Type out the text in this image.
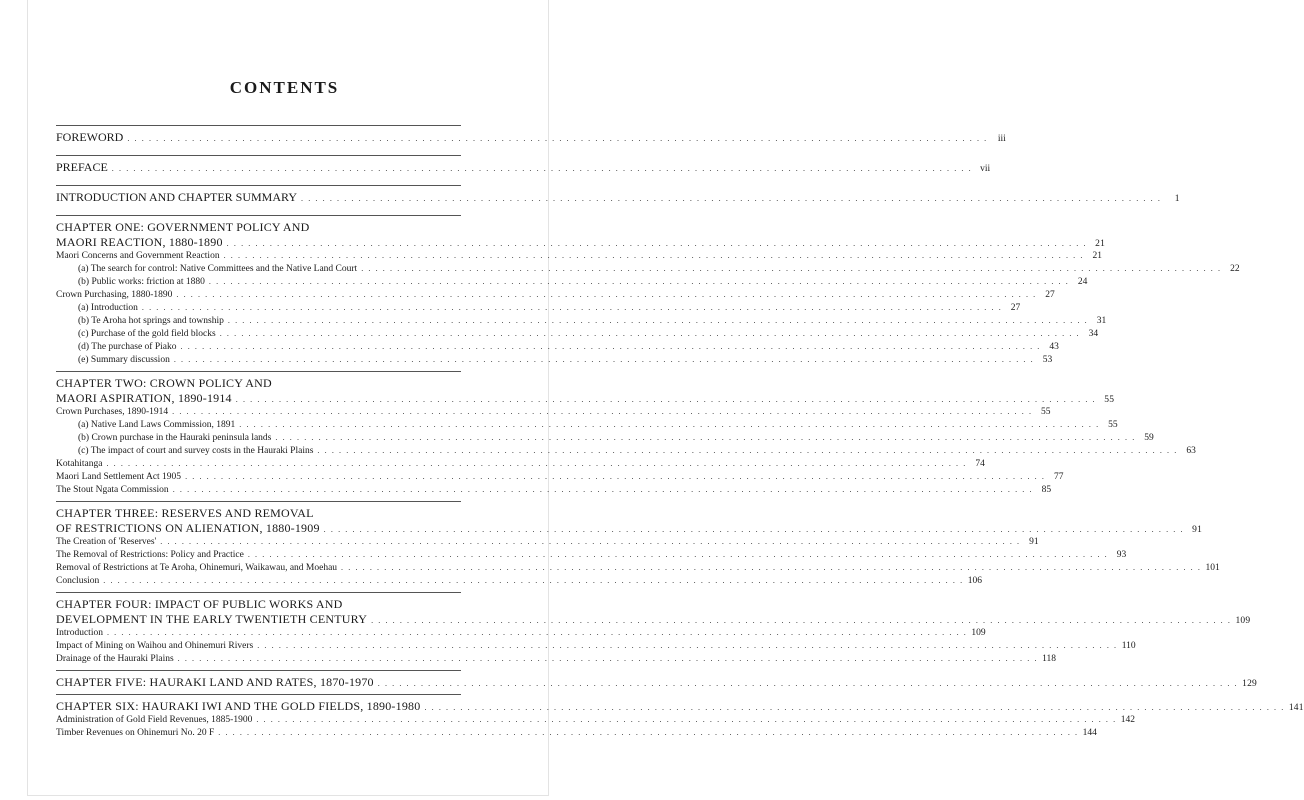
CONTENTS
FOREWORD . . . . . . . . . . . . . . . . . . . . . . . . . . . . . . . . . . . . . . . . . . . . . . . . . . . . . . . . . . . . . . . . . . . . . . . . . . . . . . . . . . . . . . . . . . . . . . . . . . . . . . . . . . . . . . . . . . . . . . . .	iii
PREFACE . . . . . . . . . . . . . . . . . . . . . . . . . . . . . . . . . . . . . . . . . . . . . . . . . . . . . . . . . . . . . . . . . . . . . . . . . . . . . . . . . . . . . . . . . . . . . . . . . . . . . . . . . . . . . . . . . . . . . . . . vii
INTRODUCTION AND CHAPTER SUMMARY . . . . . . . . . . . . . . . . . . . . . . . . . . . . . . . . . . . . . . . . . . . . . . . . . . . . . . . . . . . . . . . . . . . . . . . . . . . . . . . . . . . . . . . . . . . . . . . . . . . . . . . . . . . . . . . . . . . . . . . .	1
CHAPTER ONE: GOVERNMENT POLICY AND
MAORI REACTION, 1880-1890 . . . . . . . . . . . . . . . . . . . . . . . . . . . . . . . . . . . . . . . . . . . . . . . . . . . . . . . . . . . . . . . . . . . . . . . . . . . . . . . . . . . . . . . . . . . . . . . . . . . . . . . . . . . . . . . . . . . . . . . . 21
Maori Concerns and Government Reaction . . . . . . . . . . . . . . . . . . . . . . . . . . . . . . . . . . . . . . . . . . . . . . . . . . . . . . . . . . . . . . . . . . . . . . . . . . . . . . . . . . . . . . . . . . . . . . . . . . . . . . . . . . . . . . . . . . . . . . . . 21
(a) The search for control: Native Committees and the Native Land Court . . . . . . . . . . . . . . . . . . . . . . . . . . . . . . . . . . . . . . . . . . . . . . . . . . . . . . . . . . . . . . . . . . . . . . . . . . . . . . . . . . . . . . . . . . . . . . . . . . . . . . . . . . . . . . . . . . . . . . . . 22
(b) Public works: friction at 1880 . . . . . . . . . . . . . . . . . . . . . . . . . . . . . . . . . . . . . . . . . . . . . . . . . . . . . . . . . . . . . . . . . . . . . . . . . . . . . . . . . . . . . . . . . . . . . . . . . . . . . . . . . . . . . . . . . . . . . . . . 24
Crown Purchasing, 1880-1890 . . . . . . . . . . . . . . . . . . . . . . . . . . . . . . . . . . . . . . . . . . . . . . . . . . . . . . . . . . . . . . . . . . . . . . . . . . . . . . . . . . . . . . . . . . . . . . . . . . . . . . . . . . . . . . . . . . . . . . . . 27
(a) Introduction . . . . . . . . . . . . . . . . . . . . . . . . . . . . . . . . . . . . . . . . . . . . . . . . . . . . . . . . . . . . . . . . . . . . . . . . . . . . . . . . . . . . . . . . . . . . . . . . . . . . . . . . . . . . . . . . . . . . . . . . 27
(b) Te Aroha hot springs and township . . . . . . . . . . . . . . . . . . . . . . . . . . . . . . . . . . . . . . . . . . . . . . . . . . . . . . . . . . . . . . . . . . . . . . . . . . . . . . . . . . . . . . . . . . . . . . . . . . . . . . . . . . . . . . . . . . . . . . . . 31
(c) Purchase of the gold field blocks . . . . . . . . . . . . . . . . . . . . . . . . . . . . . . . . . . . . . . . . . . . . . . . . . . . . . . . . . . . . . . . . . . . . . . . . . . . . . . . . . . . . . . . . . . . . . . . . . . . . . . . . . . . . . . . . . . . . . . . . 34
(d) The purchase of Piako . . . . . . . . . . . . . . . . . . . . . . . . . . . . . . . . . . . . . . . . . . . . . . . . . . . . . . . . . . . . . . . . . . . . . . . . . . . . . . . . . . . . . . . . . . . . . . . . . . . . . . . . . . . . . . . . . . . . . . . . 43
(e) Summary discussion . . . . . . . . . . . . . . . . . . . . . . . . . . . . . . . . . . . . . . . . . . . . . . . . . . . . . . . . . . . . . . . . . . . . . . . . . . . . . . . . . . . . . . . . . . . . . . . . . . . . . . . . . . . . . . . . . . . . . . . . 53
CHAPTER TWO: CROWN POLICY AND
MAORI ASPIRATION, 1890-1914 . . . . . . . . . . . . . . . . . . . . . . . . . . . . . . . . . . . . . . . . . . . . . . . . . . . . . . . . . . . . . . . . . . . . . . . . . . . . . . . . . . . . . . . . . . . . . . . . . . . . . . . . . . . . . . . . . . . . . . . . 55
Crown Purchases, 1890-1914 . . . . . . . . . . . . . . . . . . . . . . . . . . . . . . . . . . . . . . . . . . . . . . . . . . . . . . . . . . . . . . . . . . . . . . . . . . . . . . . . . . . . . . . . . . . . . . . . . . . . . . . . . . . . . . . . . . . . . . . . 55
(a) Native Land Laws Commission, 1891 . . . . . . . . . . . . . . . . . . . . . . . . . . . . . . . . . . . . . . . . . . . . . . . . . . . . . . . . . . . . . . . . . . . . . . . . . . . . . . . . . . . . . . . . . . . . . . . . . . . . . . . . . . . . . . . . . . . . . . . . 55
(b) Crown purchase in the Hauraki peninsula lands . . . . . . . . . . . . . . . . . . . . . . . . . . . . . . . . . . . . . . . . . . . . . . . . . . . . . . . . . . . . . . . . . . . . . . . . . . . . . . . . . . . . . . . . . . . . . . . . . . . . . . . . . . . . . . . . . . . . . . . . 59
(c) The impact of court and survey costs in the Hauraki Plains . . . . . . . . . . . . . . . . . . . . . . . . . . . . . . . . . . . . . . . . . . . . . . . . . . . . . . . . . . . . . . . . . . . . . . . . . . . . . . . . . . . . . . . . . . . . . . . . . . . . . . . . . . . . . . . . . . . . . . . . 63
Kotahitanga . . . . . . . . . . . . . . . . . . . . . . . . . . . . . . . . . . . . . . . . . . . . . . . . . . . . . . . . . . . . . . . . . . . . . . . . . . . . . . . . . . . . . . . . . . . . . . . . . . . . . . . . . . . . . . . . . . . . . . . . 74
Maori Land Settlement Act 1905 . . . . . . . . . . . . . . . . . . . . . . . . . . . . . . . . . . . . . . . . . . . . . . . . . . . . . . . . . . . . . . . . . . . . . . . . . . . . . . . . . . . . . . . . . . . . . . . . . . . . . . . . . . . . . . . . . . . . . . . . 77
The Stout Ngata Commission . . . . . . . . . . . . . . . . . . . . . . . . . . . . . . . . . . . . . . . . . . . . . . . . . . . . . . . . . . . . . . . . . . . . . . . . . . . . . . . . . . . . . . . . . . . . . . . . . . . . . . . . . . . . . . . . . . . . . . . . 85
CHAPTER THREE: RESERVES AND REMOVAL
OF RESTRICTIONS ON ALIENATION, 1880-1909 . . . . . . . . . . . . . . . . . . . . . . . . . . . . . . . . . . . . . . . . . . . . . . . . . . . . . . . . . . . . . . . . . . . . . . . . . . . . . . . . . . . . . . . . . . . . . . . . . . . . . . . . . . . . . . . . . . . . . . . . 91
The Creation of 'Reserves' . . . . . . . . . . . . . . . . . . . . . . . . . . . . . . . . . . . . . . . . . . . . . . . . . . . . . . . . . . . . . . . . . . . . . . . . . . . . . . . . . . . . . . . . . . . . . . . . . . . . . . . . . . . . . . . . . . . . . . . . 91
The Removal of Restrictions: Policy and Practice . . . . . . . . . . . . . . . . . . . . . . . . . . . . . . . . . . . . . . . . . . . . . . . . . . . . . . . . . . . . . . . . . . . . . . . . . . . . . . . . . . . . . . . . . . . . . . . . . . . . . . . . . . . . . . . . . . . . . . . . 93
Removal of Restrictions at Te Aroha, Ohinemuri, Waikawau, and Moehau . . . . . . . . . . . . . . . . . . . . . . . . . . . . . . . . . . . . . . . . . . . . . . . . . . . . . . . . . . . . . . . . . . . . . . . . . . . . . . . . . . . . . . . . . . . . . . . . . . . . . . . . . . . . . . . . . . . . . . . . 101
Conclusion . . . . . . . . . . . . . . . . . . . . . . . . . . . . . . . . . . . . . . . . . . . . . . . . . . . . . . . . . . . . . . . . . . . . . . . . . . . . . . . . . . . . . . . . . . . . . . . . . . . . . . . . . . . . . . . . . . . . . . . . 106
CHAPTER FOUR: IMPACT OF PUBLIC WORKS AND
DEVELOPMENT IN THE EARLY TWENTIETH CENTURY . . . . . . . . . . . . . . . . . . . . . . . . . . . . . . . . . . . . . . . . . . . . . . . . . . . . . . . . . . . . . . . . . . . . . . . . . . . . . . . . . . . . . . . . . . . . . . . . . . . . . . . . . . . . . . . . . . . . . . . . 109
Introduction . . . . . . . . . . . . . . . . . . . . . . . . . . . . . . . . . . . . . . . . . . . . . . . . . . . . . . . . . . . . . . . . . . . . . . . . . . . . . . . . . . . . . . . . . . . . . . . . . . . . . . . . . . . . . . . . . . . . . . . . 109
Impact of Mining on Waihou and Ohinemuri Rivers . . . . . . . . . . . . . . . . . . . . . . . . . . . . . . . . . . . . . . . . . . . . . . . . . . . . . . . . . . . . . . . . . . . . . . . . . . . . . . . . . . . . . . . . . . . . . . . . . . . . . . . . . . . . . . . . . . . . . . . . 110
Drainage of the Hauraki Plains . . . . . . . . . . . . . . . . . . . . . . . . . . . . . . . . . . . . . . . . . . . . . . . . . . . . . . . . . . . . . . . . . . . . . . . . . . . . . . . . . . . . . . . . . . . . . . . . . . . . . . . . . . . . . . . . . . . . . . . . 118
CHAPTER FIVE: HAURAKI LAND AND RATES, 1870-1970 . . . . . . . . . . . . . . . . . . . . . . . . . . . . . . . . . . . . . . . . . . . . . . . . . . . . . . . . . . . . . . . . . . . . . . . . . . . . . . . . . . . . . . . . . . . . . . . . . . . . . . . . . . . . . . . . . . . . . . . . 129
CHAPTER SIX: HAURAKI IWI AND THE GOLD FIELDS, 1890-1980 . . . . . . . . . . . . . . . . . . . . . . . . . . . . . . . . . . . . . . . . . . . . . . . . . . . . . . . . . . . . . . . . . . . . . . . . . . . . . . . . . . . . . . . . . . . . . . . . . . . . . . . . . . . . . . . . . . . . . . . . 141
Administration of Gold Field Revenues, 1885-1900 . . . . . . . . . . . . . . . . . . . . . . . . . . . . . . . . . . . . . . . . . . . . . . . . . . . . . . . . . . . . . . . . . . . . . . . . . . . . . . . . . . . . . . . . . . . . . . . . . . . . . . . . . . . . . . . . . . . . . . . . 142
Timber Revenues on Ohinemuri No. 20 F . . . . . . . . . . . . . . . . . . . . . . . . . . . . . . . . . . . . . . . . . . . . . . . . . . . . . . . . . . . . . . . . . . . . . . . . . . . . . . . . . . . . . . . . . . . . . . . . . . . . . . . . . . . . . . . . . . . . . . . . 144
